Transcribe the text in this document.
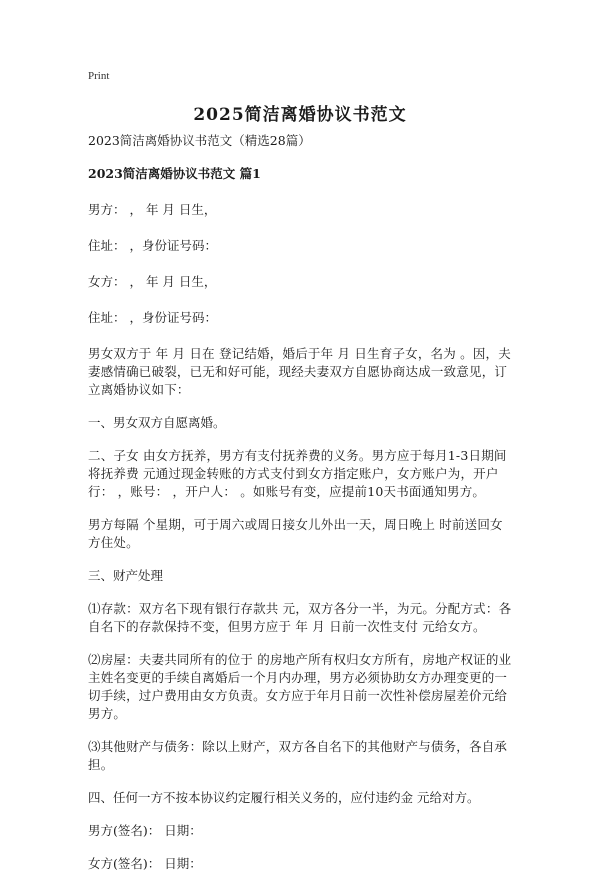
Print
2025简洁离婚协议书范文

2023简洁离婚协议书范文（精选28篇）

2023简洁离婚协议书范文 篇1

男方： ， 年 月 日生，

住址： ，身份证号码：

女方： ， 年 月 日生，

住址： ，身份证号码：

男女双方于 年 月 日在 登记结婚，婚后于年 月 日生育子女，名为 。因，夫妻感情确已破裂，已无和好可能，现经夫妻双方自愿协商达成一致意见，订立离婚协议如下：

一、男女双方自愿离婚。

二、子女 由女方抚养，男方有支付抚养费的义务。男方应于每月1-3日期间将抚养费 元通过现金转账的方式支付到女方指定账户，女方账户为，开户行： ，账号： ，开户人： 。如账号有变，应提前10天书面通知男方。

男方每隔 个星期，可于周六或周日接女儿外出一天，周日晚上 时前送回女方住处。

三、财产处理

⑴存款：双方名下现有银行存款共 元，双方各分一半，为元。分配方式：各自名下的存款保持不变，但男方应于 年 月 日前一次性支付 元给女方。

⑵房屋：夫妻共同所有的位于 的房地产所有权归女方所有，房地产权证的业主姓名变更的手续自离婚后一个月内办理，男方必须协助女方办理变更的一切手续，过户费用由女方负责。女方应于年月日前一次性补偿房屋差价元给男方。

⑶其他财产与债务：除以上财产，双方各自名下的其他财产与债务，各自承担。

四、任何一方不按本协议约定履行相关义务的，应付违约金 元给对方。

男方(签名)： 日期：

女方(签名)： 日期：
